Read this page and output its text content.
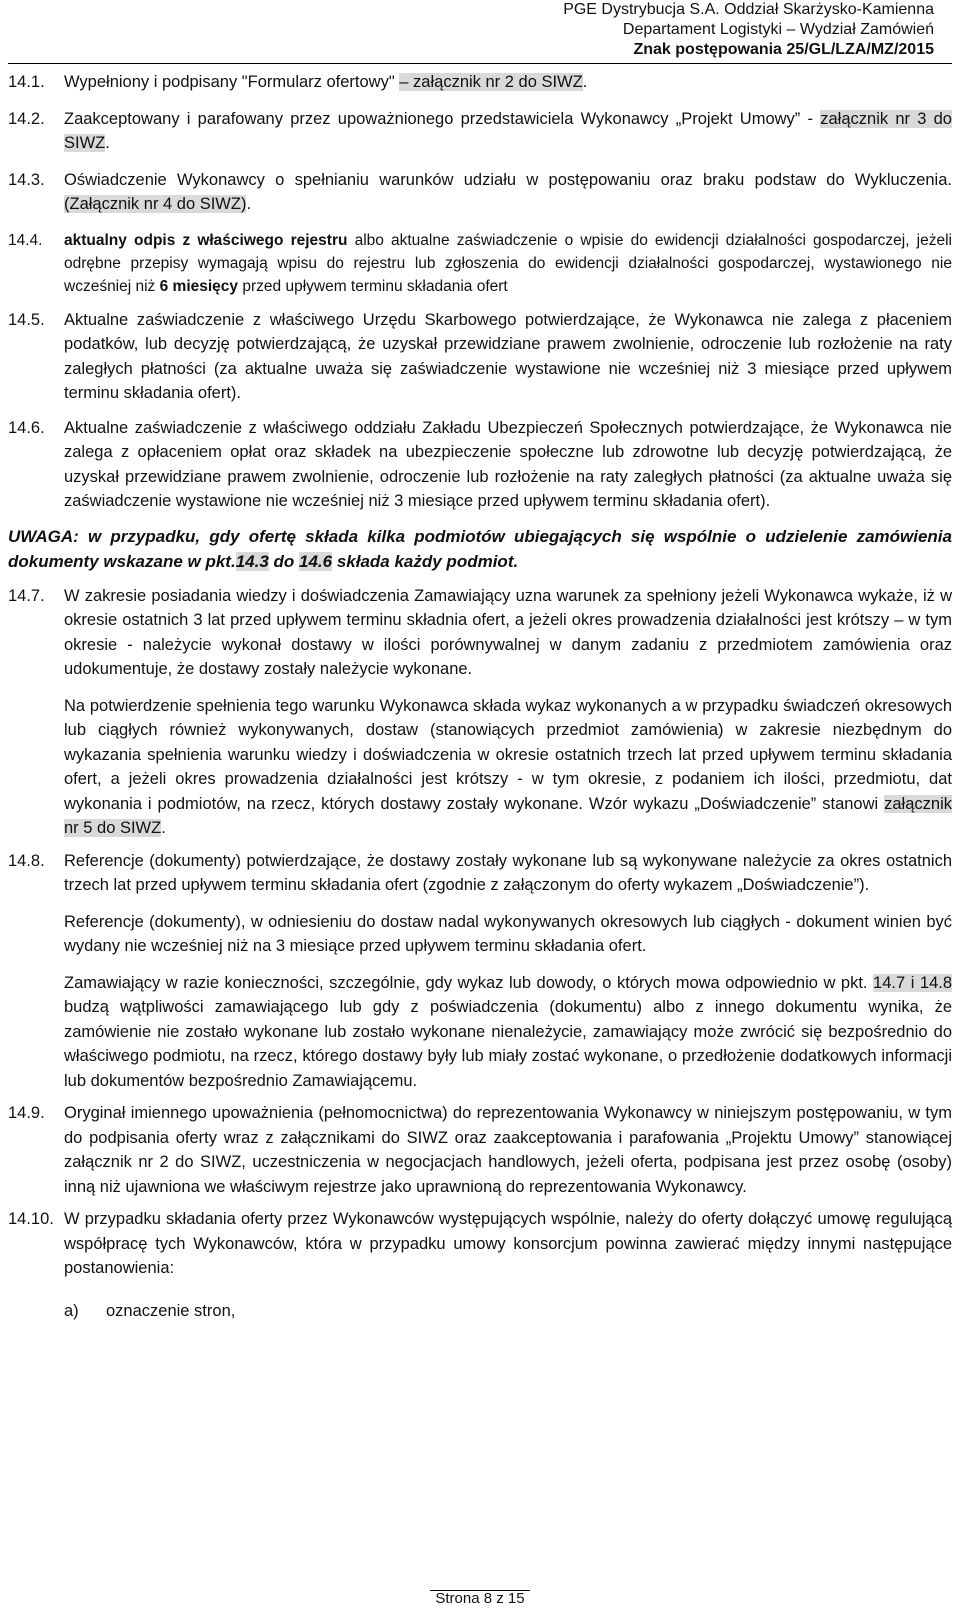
PGE Dystrybucja S.A. Oddział Skarżysko-Kamienna
Departament Logistyki – Wydział Zamówień
Znak postępowania 25/GL/LZA/MZ/2015
14.1.	Wypełniony i podpisany "Formularz ofertowy" – załącznik nr 2 do SIWZ.
14.2.	Zaakceptowany i parafowany przez upoważnionego przedstawiciela Wykonawcy „Projekt Umowy” - załącznik nr 3 do SIWZ.
14.3.	Oświadczenie Wykonawcy o spełnianiu warunków udziału w postępowaniu oraz braku podstaw do Wykluczenia. (Załącznik nr 4 do SIWZ).
14.4.	aktualny odpis z właściwego rejestru albo aktualne zaświadczenie o wpisie do ewidencji działalności gospodarczej, jeżeli odrębne przepisy wymagają wpisu do rejestru lub zgłoszenia do ewidencji działalności gospodarczej, wystawionego nie wcześniej niż 6 miesięcy przed upływem terminu składania ofert
14.5.	Aktualne zaświadczenie z właściwego Urzędu Skarbowego potwierdzające, że Wykonawca nie zalega z płaceniem podatków, lub decyzję potwierdzającą, że uzyskał przewidziane prawem zwolnienie, odroczenie lub rozłożenie na raty zaległych płatności (za aktualne uważa się zaświadczenie wystawione nie wcześniej niż 3 miesiące przed upływem terminu składania ofert).
14.6.	Aktualne zaświadczenie z właściwego oddziału Zakładu Ubezpieczeń Społecznych potwierdzające, że Wykonawca nie zalega z opłaceniem opłat oraz składek na ubezpieczenie społeczne lub zdrowotne lub decyzję potwierdzającą, że uzyskał przewidziane prawem zwolnienie, odroczenie lub rozłożenie na raty zaległych płatności (za aktualne uważa się zaświadczenie wystawione nie wcześniej niż 3 miesiące przed upływem terminu składania ofert).
UWAGA: w przypadku, gdy ofertę składa kilka podmiotów ubiegających się wspólnie o udzielenie zamówienia dokumenty wskazane w pkt.14.3 do 14.6 składa każdy podmiot.
14.7.	W zakresie posiadania wiedzy i doświadczenia Zamawiający uzna warunek za spełniony jeżeli Wykonawca wykaże, iż w okresie ostatnich 3 lat przed upływem terminu składnia ofert, a jeżeli okres prowadzenia działalności jest krótszy – w tym okresie - należycie wykonał dostawy w ilości porównywalnej w danym zadaniu z przedmiotem zamówienia oraz udokumentuje, że dostawy zostały należycie wykonane.
Na potwierdzenie spełnienia tego warunku Wykonawca składa wykaz wykonanych a w przypadku świadczeń okresowych lub ciągłych również wykonywanych, dostaw (stanowiących przedmiot zamówienia) w zakresie niezbędnym do wykazania spełnienia warunku wiedzy i doświadczenia w okresie ostatnich trzech lat przed upływem terminu składania ofert, a jeżeli okres prowadzenia działalności jest krótszy - w tym okresie, z podaniem ich ilości, przedmiotu, dat wykonania i podmiotów, na rzecz, których dostawy zostały wykonane. Wzór wykazu „Doświadczenie” stanowi załącznik nr 5 do SIWZ.
14.8.	Referencje (dokumenty) potwierdzające, że dostawy zostały wykonane lub są wykonywane należycie za okres ostatnich trzech lat przed upływem terminu składania ofert (zgodnie z załączonym do oferty wykazem „Doświadczenie”).
Referencje (dokumenty), w odniesieniu do dostaw nadal wykonywanych okresowych lub ciągłych - dokument winien być wydany nie wcześniej niż na 3 miesiące przed upływem terminu składania ofert.
Zamawiający w razie konieczności, szczególnie, gdy wykaz lub dowody, o których mowa odpowiednio w pkt. 14.7 i 14.8 budzą wątpliwości zamawiającego lub gdy z poświadczenia (dokumentu) albo z innego dokumentu wynika, że zamówienie nie zostało wykonane lub zostało wykonane nienależycie, zamawiający może zwrócić się bezpośrednio do właściwego podmiotu, na rzecz, którego dostawy były lub miały zostać wykonane, o przedłożenie dodatkowych informacji lub dokumentów bezpośrednio Zamawiającemu.
14.9.	Oryginał imiennego upoważnienia (pełnomocnictwa) do reprezentowania Wykonawcy w niniejszym postępowaniu, w tym do podpisania oferty wraz z załącznikami do SIWZ oraz zaakceptowania i parafowania „Projektu Umowy” stanowiącej załącznik nr 2 do SIWZ, uczestniczenia w negocjacjach handlowych, jeżeli oferta, podpisana jest przez osobę (osoby) inną niż ujawniona we właściwym rejestrze jako uprawnioną do reprezentowania Wykonawcy.
14.10. W przypadku składania oferty przez Wykonawców występujących wspólnie, należy do oferty dołączyć umowę regulującą współpracę tych Wykonawców, która w przypadku umowy konsorcjum powinna zawierać między innymi następujące postanowienia:
a)	oznaczenie stron,
Strona 8 z 15
